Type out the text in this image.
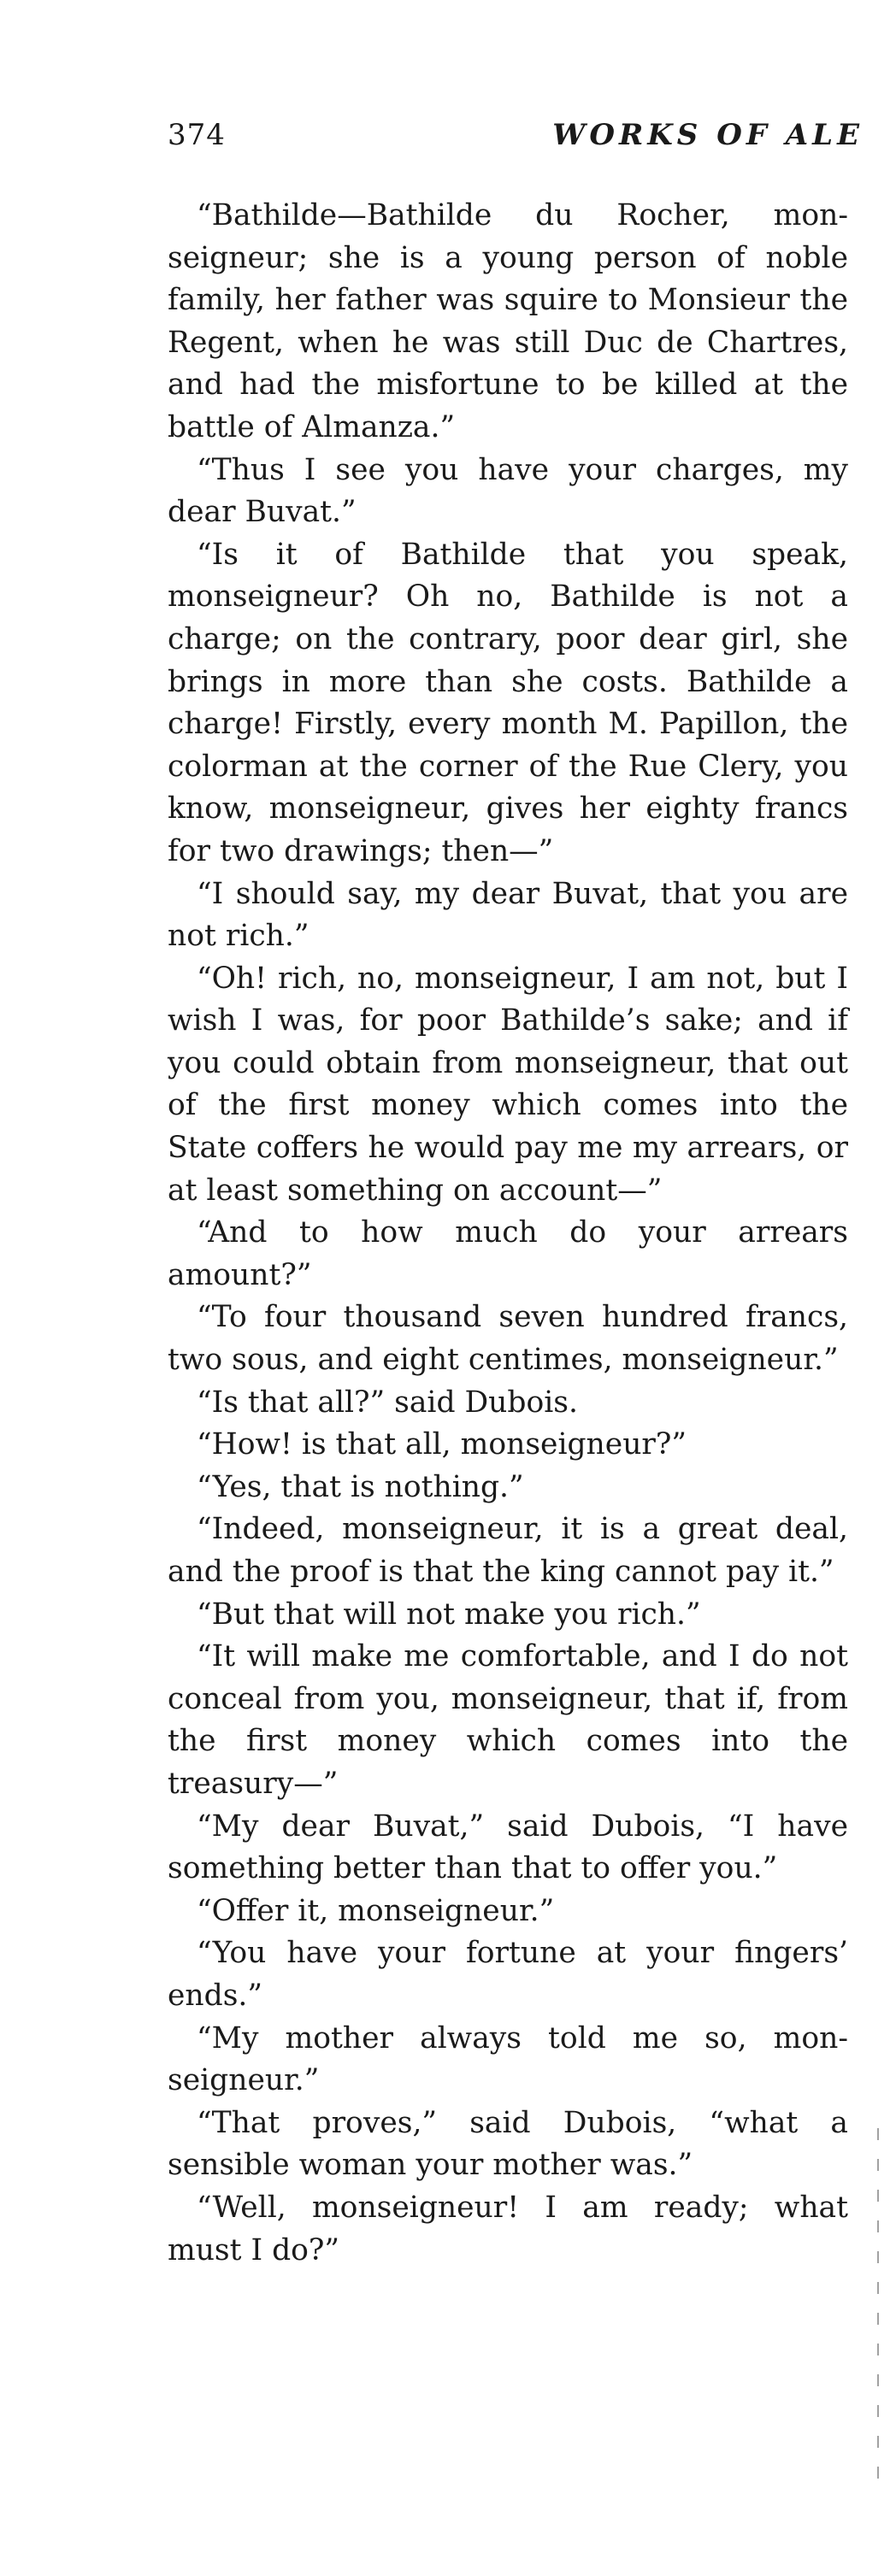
374	WORKS OF ALE

“Bathilde—Bathilde du Rocher, monseigneur; she is a young person of noble family, her father was squire to Monsieur the Regent, when he was still Duc de Chartres, and had the misfortune to be killed at the battle of Almanza.”

“Thus I see you have your charges, my dear Buvat.”

“Is it of Bathilde that you speak, monseigneur? Oh no, Bathilde is not a charge; on the contrary, poor dear girl, she brings in more than she costs. Bathilde a charge! Firstly, every month M. Papillon, the colorman at the corner of the Rue Clery, you know, monseigneur, gives her eighty francs for two drawings; then—”

“I should say, my dear Buvat, that you are not rich.”

“Oh! rich, no, monseigneur, I am not, but I wish I was, for poor Bathilde’s sake; and if you could obtain from monseigneur, that out of the first money which comes into the State coffers he would pay me my arrears, or at least something on account—”

“And to how much do your arrears amount?”

“To four thousand seven hundred francs, two sous, and eight centimes, monseigneur.”

“Is that all?” said Dubois.

“How! is that all, monseigneur?”

“Yes, that is nothing.”

“Indeed, monseigneur, it is a great deal, and the proof is that the king cannot pay it.”

“But that will not make you rich.”

“It will make me comfortable, and I do not conceal from you, monseigneur, that if, from the first money which comes into the treasury—”

“My dear Buvat,” said Dubois, “I have something better than that to offer you.”

“Offer it, monseigneur.”

“You have your fortune at your fingers’ ends.”

“My mother always told me so, monseigneur.”

“That proves,” said Dubois, “what a sensible woman your mother was.”

“Well, monseigneur! I am ready; what must I do?”
